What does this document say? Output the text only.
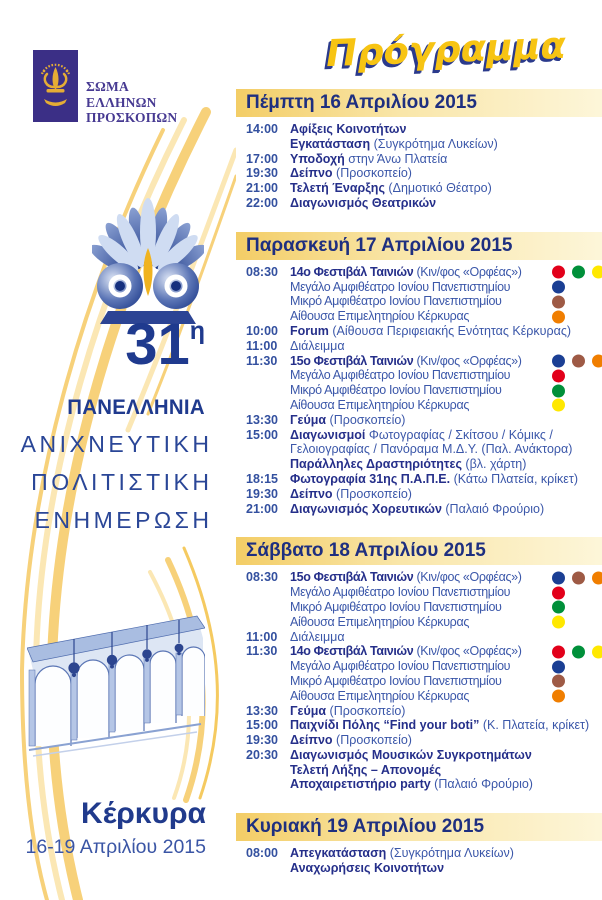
ΣΩΜΑ
ΕΛΛΗΝΩΝ
ΠΡΟΣΚΟΠΩΝ
31 η
ΠΑΝΕΛΛΗΝΙΑ
ΑΝΙΧΝΕΥΤΙΚΗ
ΠΟΛΙΤΙΣΤΙΚΗ
ΕΝΗΜΕΡΩΣΗ
Κέρκυρα
16-19 Απριλίου 2015
Πρόγραμμα
Πέμπτη 16 Απριλίου 2015
14:00 Αφίξεις Κοινοτήτων
Εγκατάσταση (Συγκρότημα Λυκείων)
17:00 Υποδοχή στην Άνω Πλατεία
19:30 Δείπνο (Προσκοπείο)
21:00 Τελετή Έναρξης (Δημοτικό Θέατρο)
22:00 Διαγωνισμός Θεατρικών
Παρασκευή 17 Απριλίου 2015
08:30 14ο Φεστιβάλ Ταινιών (Κιν/φος «Ορφέας»)
Μεγάλο Αμφιθέατρο Ιονίου Πανεπιστημίου
Μικρό Αμφιθέατρο Ιονίου Πανεπιστημίου
Αίθουσα Επιμελητηρίου Κέρκυρας
10:00 Forum (Αίθουσα Περιφειακής Ενότητας Κέρκυρας)
11:00	Διάλειμμα
11:30	15ο Φεστιβάλ Ταινιών (Κιν/φος «Ορφέας»)
Μεγάλο Αμφιθέατρο Ιονίου Πανεπιστημίου
Μικρό Αμφιθέατρο Ιονίου Πανεπιστημίου
Αίθουσα Επιμελητηρίου Κέρκυρας
13:30 Γεύμα (Προσκοπείο)
15:00 Διαγωνισμοί Φωτογραφίας / Σκίτσου / Κόμικς /
Γελοιογραφίας / Πανόραμα Μ.Δ.Υ. (Παλ. Ανάκτορα)
Παράλληλες Δραστηριότητες (βλ. χάρτη)
18:15 Φωτογραφία 31ης Π.Α.Π.Ε. (Κάτω Πλατεία, κρίκετ)
19:30 Δείπνο (Προσκοπείο)
21:00 Διαγωνισμός Χορευτικών (Παλαιό Φρούριο)
Σάββατο 18 Απριλίου 2015
08:30 15ο Φεστιβάλ Ταινιών (Κιν/φος «Ορφέας»)
Μεγάλο Αμφιθέατρο Ιονίου Πανεπιστημίου
Μικρό Αμφιθέατρο Ιονίου Πανεπιστημίου
Αίθουσα Επιμελητηρίου Κέρκυρας
11:00	Διάλειμμα
11:30	14ο Φεστιβάλ Ταινιών (Κιν/φος «Ορφέας»)
Μεγάλο Αμφιθέατρο Ιονίου Πανεπιστημίου
Μικρό Αμφιθέατρο Ιονίου Πανεπιστημίου
Αίθουσα Επιμελητηρίου Κέρκυρας
13:30 Γεύμα (Προσκοπείο)
15:00 Παιχνίδι Πόλης “Find your boti” (Κ. Πλατεία, κρίκετ)
19:30 Δείπνο (Προσκοπείο)
20:30 Διαγωνισμός Μουσικών Συγκροτημάτων
Τελετή Λήξης – Απονομές
Αποχαιρετιστήριο party (Παλαιό Φρούριο)
Κυριακή 19 Απριλίου 2015
08:00 Απεγκατάσταση (Συγκρότημα Λυκείων)
Αναχωρήσεις Κοινοτήτων
